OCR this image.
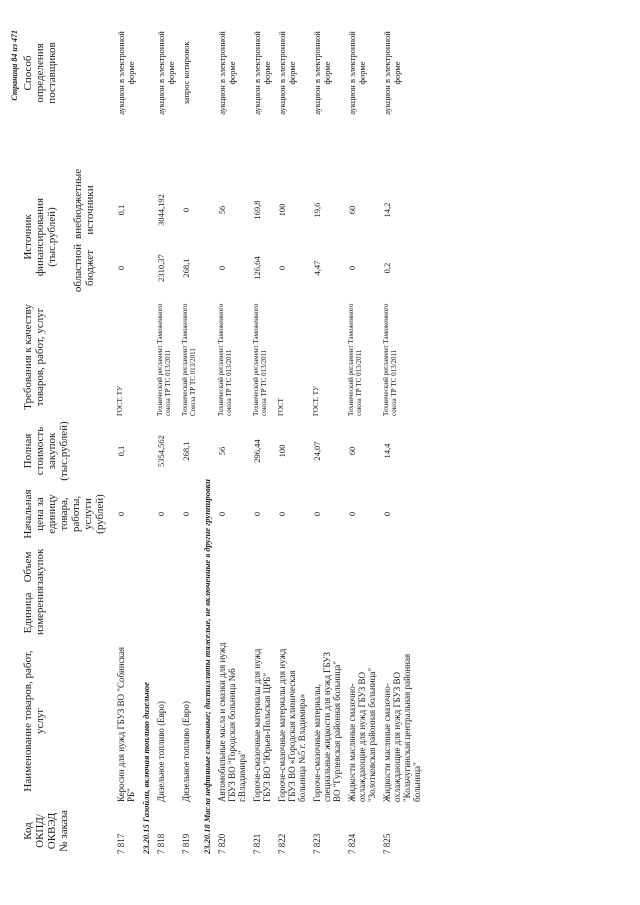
Код ОКПД/ ОКВЭД № заказа	Наименование товаров, работ, услуг	Единица измерения	Объем закупок	Начальная цена за единицу товара, работы, услуги (рублей)	Полная стоимость закупок (тыс.рублей)	Требования к качеству товаров, работ, услуг	Источник финансирования (тыс.рублей)			Способ определения поставщиков
							областной бюджет	внебюджетные источники		

7 817	Керосин для нужд ГБУЗ ВО "Собинская РБ"			0	0,1	ГОСТ, ТУ	0	0,1		аукцион в электронной форме
23.20.15 Газойли, включая топливо дизельное										
7 818	Дизельное топливо (Евро)			0	5354,562	Технический регламент Таможенного союза ТР ТС 013/2011	2310,37	3044,192		аукцион в электронной форме
7 819	Дизельное топливо (Евро)			0	268,1	Технический регламент Таможенного Союза ТР ТС 013/2011	268,1	0		запрос котировок
23.20.18 Масла нефтяные смазочные; дистилляты тяжелые, не включенные в другие группировки										
7 820	Автомобильные масла и смазки для нужд ГБУЗ ВО "Городская больница №6 г.Владимира"			0	56	Технический регламент Таможенного союза ТР ТС 013/2011	0	56		аукцион в электронной форме
7 821	Горюче-смазочные материалы для нужд ГБУЗ ВО "Юрьев-Польская ЦРБ"			0	296,44	Технический регламент Таможенного союза ТР ТС 013/2011	126,64	169,8		аукцион в электронной форме
7 822	Горюче-смазочные материалы для нужд ГБУЗ ВО «Городская клиническая больница №5 г. Владимира»			0	100	ГОСТ	0	100		аукцион в электронной форме
7 823	Горюче-смазочные материалы, специальные жидкости для нужд ГБУЗ ВО "Гурлевская районная больница"			0	24,07	ГОСТ, ТУ	4,47	19,6		аукцион в электронной форме
7 824	Жидкости масляные смазочно-охлаждающие для нужд ГБУЗ ВО "Золотковская районная больница"			0	60	Технический регламент Таможенного союза ТР ТС 013/2011	0	60		аукцион в электронной форме
7 825	Жидкости масляные смазочно-охлаждающие для нужд ГБУЗ ВО "Кольчугинская центральная районная больница"			0	14,4	Технический регламент Таможенного союза ТР ТС 013/2011	0,2	14,2		аукцион в электронной форме
Страница 84 из 471
